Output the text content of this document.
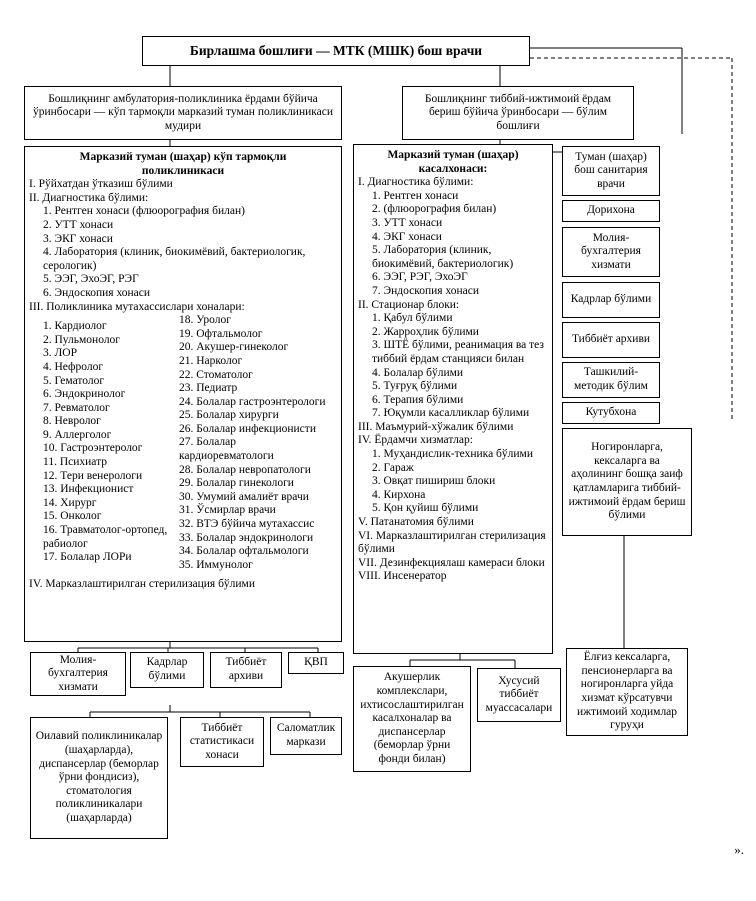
Бирлашма бошлиғи — МТК (МШК) бош врачи
Бошлиқнинг амбулатория-поликлиника ёрдами бўйича ўринбосари — кўп тармоқли марказий туман поликлиникаси мудири
Бошлиқнинг тиббий-ижтимоий ёрдам бериш бўйича ўринбосари — бўлим бошлиғи
Марказий туман (шаҳар) кўп тармоқли поликлиникаси
I. Рўйхатдан ўтказиш бўлими
II. Диагностика бўлими:
1. Рентген хонаси (флюорография билан)
2. УТТ хонаси
3. ЭКГ хонаси
4. Лаборатория (клиник, биокимёвий, бактериологик, серологик)
5. ЭЭГ, ЭхоЭГ, РЭГ
6. Эндоскопия хонаси
III. Поликлиника мутахассислари хоналари:
1. Кардиолог
2. Пульмонолог
3. ЛОР
4. Нефролог
5. Гематолог
6. Эндокринолог
7. Ревматолог
8. Невролог
9. Аллерголог
10. Гастроэнтеролог
11. Психиатр
12. Тери венерологи
13. Инфекционист
14. Хирург
15. Онколог
16. Травматолог-ортопед, рабиолог
17. Болалар ЛОРи
18. Уролог
19. Офтальмолог
20. Акушер-гинеколог
21. Нарколог
22. Стоматолог
23. Педиатр
24. Болалар гастроэнтерологи
25. Болалар хирурги
26. Болалар инфекционисти
27. Болалар кардиоревматологи
28. Болалар невропатологи
29. Болалар гинекологи
30. Умумий амалиёт врачи
31. Ўсмирлар врачи
32. ВТЭ бўйича мутахассис
33. Болалар эндокринологи
34. Болалар офтальмологи
35. Иммунолог
IV. Марказлаштирилган стерилизация бўлими
Марказий туман (шаҳар) касалхонаси:
I. Диагностика бўлими:
1. Рентген хонаси
2. (флюорография билан)
3. УТТ хонаси
4. ЭКГ хонаси
5. Лаборатория (клиник, биокимёвий, бактериологик)
6. ЭЭГ, РЭГ, ЭхоЭГ
7. Эндоскопия хонаси
II. Стационар блоки:
1. Қабул бўлими
2. Жарроҳлик бўлими
3. ШТЁ бўлими, реанимация ва тез тиббий ёрдам станцияси билан
4. Болалар бўлими
5. Туғруқ бўлими
6. Терапия бўлими
7. Юқумли касалликлар бўлими
III. Маъмурий-хўжалик бўлими
IV. Ёрдамчи хизматлар:
1. Муҳандислик-техника бўлими
2. Гараж
3. Овқат пишириш блоки
4. Кирхона
5. Қон қуйиш бўлими
V. Патанатомия бўлими
VI. Марказлаштирилган стерилизация бўлими
VII. Дезинфекциялаш камераси блоки
VIII. Инсенератор
Туман (шаҳар) бош санитария врачи
Дорихона
Молия-бухгалтерия хизмати
Кадрлар бўлими
Тиббиёт архиви
Ташкилий-методик бўлим
Кутубхона
Ногиронларга, кексаларга ва аҳолининг бошқа заиф қатламларига тиббий-ижтимоий ёрдам бериш бўлими
Ёлғиз кексаларга, пенсионерларга ва ногиронларга уйда хизмат кўрсатувчи ижтимоий ходимлар гуруҳи
Молия-бухгалтерия хизмати
Кадрлар бўлими
Тиббиёт архиви
ҚВП
Оилавий поликлиникалар (шаҳарларда), диспансерлар (беморлар ўрни фондисиз), стоматология поликлиникалари (шаҳарларда)
Тиббиёт статистикаси хонаси
Саломатлик маркази
Акушерлик комплекслари, ихтисослаштирилган касалхоналар ва диспансерлар (беморлар ўрни фонди билан)
Хусусий тиббиёт муассасалари
».
